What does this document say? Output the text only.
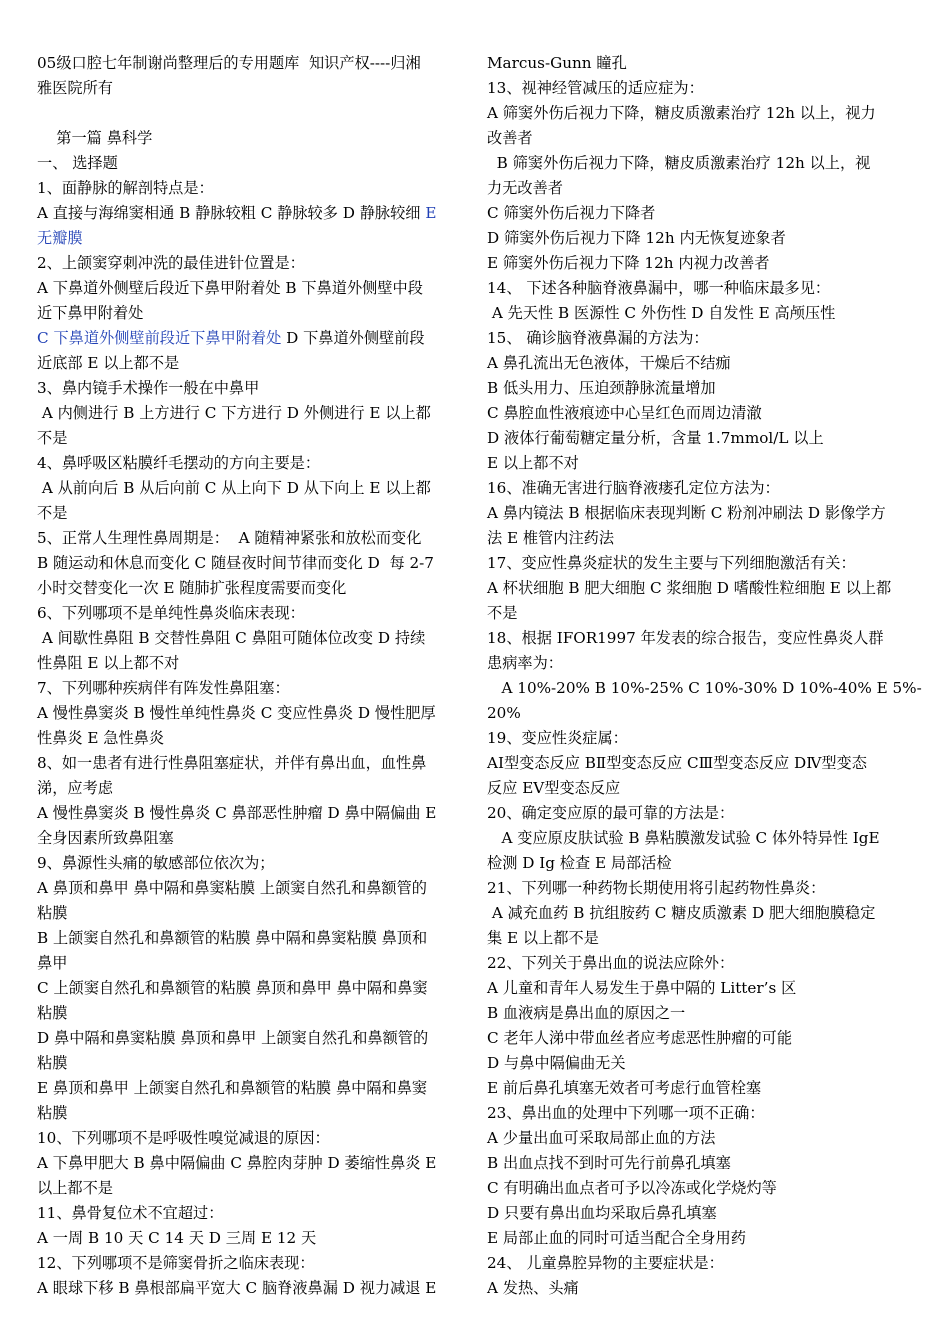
05级口腔七年制谢尚整理后的专用题库  知识产权----归湘
雅医院所有
第一篇 鼻科学
一、 选择题
1、面静脉的解剖特点是：
A 直接与海绵窦相通 B 静脉较粗 C 静脉较多 D 静脉较细 E
无瓣膜
2、上颌窦穿刺冲洗的最佳进针位置是：
A 下鼻道外侧壁后段近下鼻甲附着处 B 下鼻道外侧壁中段
近下鼻甲附着处
C 下鼻道外侧壁前段近下鼻甲附着处 D 下鼻道外侧壁前段
近底部 E 以上都不是
3、鼻内镜手术操作一般在中鼻甲
A 内侧进行 B 上方进行 C 下方进行 D 外侧进行 E 以上都
不是
4、鼻呼吸区粘膜纤毛摆动的方向主要是：
A 从前向后 B 从后向前 C 从上向下 D 从下向上 E 以上都
不是
5、正常人生理性鼻周期是：  A 随精神紧张和放松而变化
B 随运动和休息而变化 C 随昼夜时间节律而变化 D  每 2-7
小时交替变化一次 E 随肺扩张程度需要而变化
6、下列哪项不是单纯性鼻炎临床表现：
A 间歇性鼻阻 B 交替性鼻阻 C 鼻阻可随体位改变 D 持续
性鼻阻 E 以上都不对
7、下列哪种疾病伴有阵发性鼻阻塞：
A 慢性鼻窦炎 B 慢性单纯性鼻炎 C 变应性鼻炎 D 慢性肥厚
性鼻炎 E 急性鼻炎
8、如一患者有进行性鼻阻塞症状，并伴有鼻出血，血性鼻
涕，应考虑
A 慢性鼻窦炎 B 慢性鼻炎 C 鼻部恶性肿瘤 D 鼻中隔偏曲 E
全身因素所致鼻阻塞
9、鼻源性头痛的敏感部位依次为；
A 鼻顶和鼻甲 鼻中隔和鼻窦粘膜 上颌窦自然孔和鼻额管的
粘膜
B 上颌窦自然孔和鼻额管的粘膜 鼻中隔和鼻窦粘膜 鼻顶和
鼻甲
C 上颌窦自然孔和鼻额管的粘膜 鼻顶和鼻甲 鼻中隔和鼻窦
粘膜
D 鼻中隔和鼻窦粘膜 鼻顶和鼻甲 上颌窦自然孔和鼻额管的
粘膜
E 鼻顶和鼻甲 上颌窦自然孔和鼻额管的粘膜 鼻中隔和鼻窦
粘膜
10、下列哪项不是呼吸性嗅觉减退的原因：
A 下鼻甲肥大 B 鼻中隔偏曲 C 鼻腔肉芽肿 D 萎缩性鼻炎 E
以上都不是
11、鼻骨复位术不宜超过：
A 一周 B 10 天 C 14 天 D 三周 E 12 天
12、下列哪项不是筛窦骨折之临床表现：
A 眼球下移 B 鼻根部扁平宽大 C 脑脊液鼻漏 D 视力减退 E
Marcus-Gunn 瞳孔
13、视神经管减压的适应症为：
A 筛窦外伤后视力下降，糖皮质激素治疗 12h 以上，视力
改善者
B 筛窦外伤后视力下降，糖皮质激素治疗 12h 以上，视
力无改善者
C 筛窦外伤后视力下降者
D 筛窦外伤后视力下降 12h 内无恢复迹象者
E 筛窦外伤后视力下降 12h 内视力改善者
14、 下述各种脑脊液鼻漏中，哪一种临床最多见：
A 先天性 B 医源性 C 外伤性 D 自发性 E 高颅压性
15、 确诊脑脊液鼻漏的方法为：
A 鼻孔流出无色液体，干燥后不结痂
B 低头用力、压迫颈静脉流量增加
C 鼻腔血性液痕迹中心呈红色而周边清澈
D 液体行葡萄糖定量分析，含量 1.7mmol/L 以上
E 以上都不对
16、准确无害进行脑脊液瘘孔定位方法为：
A 鼻内镜法 B 根据临床表现判断 C 粉剂冲刷法 D 影像学方
法 E 椎管内注药法
17、变应性鼻炎症状的发生主要与下列细胞激活有关：
A 杯状细胞 B 肥大细胞 C 浆细胞 D 嗜酸性粒细胞 E 以上都
不是
18、根据 IFOR1997 年发表的综合报告，变应性鼻炎人群
患病率为：
A 10%-20% B 10%-25% C 10%-30% D 10%-40% E 5%-
20%
19、变应性炎症属：
AⅠ型变态反应 BⅡ型变态反应 CⅢ型变态反应 DⅣ型变态
反应 EⅤ型变态反应
20、确定变应原的最可靠的方法是：
A 变应原皮肤试验 B 鼻粘膜激发试验 C 体外特异性 IgE
检测 D Ig 检查 E 局部活检
21、下列哪一种药物长期使用将引起药物性鼻炎：
A 减充血药 B 抗组胺药 C 糖皮质激素 D 肥大细胞膜稳定
集 E 以上都不是
22、下列关于鼻出血的说法应除外：
A 儿童和青年人易发生于鼻中隔的 Litter’s 区
B 血液病是鼻出血的原因之一
C 老年人涕中带血丝者应考虑恶性肿瘤的可能
D 与鼻中隔偏曲无关
E 前后鼻孔填塞无效者可考虑行血管栓塞
23、鼻出血的处理中下列哪一项不正确：
A 少量出血可采取局部止血的方法
B 出血点找不到时可先行前鼻孔填塞
C 有明确出血点者可予以冷冻或化学烧灼等
D 只要有鼻出血均采取后鼻孔填塞
E 局部止血的同时可适当配合全身用药
24、 儿童鼻腔异物的主要症状是：
A 发热、头痛
